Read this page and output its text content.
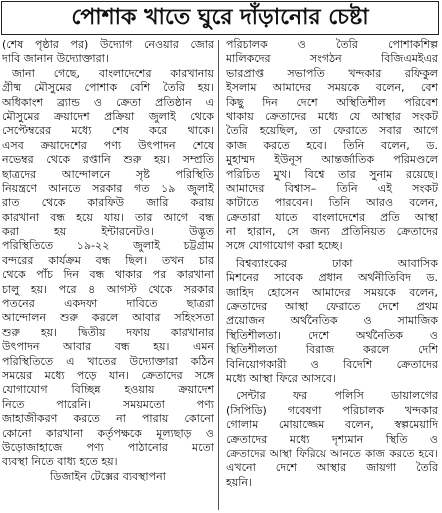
পোশাক খাতে ঘুরে দাঁড়ানোর চেষ্টা
(শেষ পৃষ্ঠার পর) উদ্যোগ নেওয়ার জোর
দাবি জানান উদ্যোক্তারা।
জানা গেছে, বাংলাদেশের কারখানায়
গ্রীষ্ম মৌসুমের পোশাক বেশি তৈরি হয়।
অধিকাংশ ব্র্যান্ড ও ক্রেতা প্রতিষ্ঠান এ
মৌসুমের ক্রয়াদেশ প্রক্রিয়া জুলাই থেকে
সেপ্টেম্বরের মধ্যে শেষ করে থাকে।
এসব ক্রয়াদেশের পণ্য উৎপাদন শেষে
নভেম্বর থেকে রপ্তানি শুরু হয়। সম্প্রতি
ছাত্রদের আন্দোলনে সৃষ্ট পরিস্থিতি
নিয়ন্ত্রণে আনতে সরকার গত ১৯ জুলাই
রাত থেকে কারফিউ জারি করায়
কারখানা বন্ধ হয়ে যায়। তার আগে বন্ধ
করা হয় ইন্টারনেটও। উদ্ভূত
পরিস্থিতিতে ১৯-২২ জুলাই চট্টগ্রাম
বন্দরের কার্যক্রম বন্ধ ছিল। তখন চার
থেকে পাঁচ দিন বন্ধ থাকার পর কারখানা
চালু হয়। পরে ৪ আগস্ট থেকে সরকার
পতনের একদফা দাবিতে ছাত্ররা
আন্দোলন শুরু করলে আবার সহিংসতা
শুরু হয়। দ্বিতীয় দফায় কারখানার
উৎপাদন আবার বন্ধ হয়। এমন
পরিস্থিতিতে এ খাতের উদ্যোক্তারা কঠিন
সময়ের মধ্যে পড়ে যান। ক্রেতাদের সঙ্গে
যোগাযোগ বিচ্ছিন্ন হওয়ায় ক্রয়াদেশ
নিতে পারেনি। সময়মতো পণ্য
জাহাজীকরণ করতে না পারায় কোনো
কোনো কারখানা কর্তৃপক্ষকে মূল্যছাড় ও
উড়োজাহাজে পণ্য পাঠানোর মতো
ব্যবস্থা নিতে বাধ্য হতে হয়।
ডিজাইন টেক্সের ব্যবস্থাপনা
পরিচালক ও তৈরি পোশাকশিল্প
মালিকদের সংগঠন বিজিএমইএর
ভারপ্রাপ্ত সভাপতি খন্দকার রফিকুল
ইসলাম আমাদের সময়কে বলেন, বেশ
কিছু দিন দেশে অস্থিতিশীল পরিবেশ
থাকায় ক্রেতাদের মধ্যে যে আস্থার সংকট
তৈরি হয়েছিল, তা ফেরাতে সবার আগে
কাজ করতে হবে। তিনি বলেন, ড.
মুহাম্মদ ইউনূস আন্তর্জাতিক পরিমণ্ডলে
পরিচিত মুখ। বিশ্বে তার সুনাম রয়েছে।
আমাদের বিশ্বাস– তিনি এই সংকট
কাটাতে পারবেন। তিনি আরও বলেন,
ক্রেতারা যাতে বাংলাদেশের প্রতি আস্থা
না হারান, সে জন্য প্রতিনিয়ত ক্রেতাদের
সঙ্গে যোগাযোগ করা হচ্ছে।
বিশ্বব্যাংকের ঢাকা আবাসিক
মিশনের সাবেক প্রধান অর্থনীতিবিদ ড.
জাহিদ হোসেন আমাদের সময়কে বলেন,
ক্রেতাদের আস্থা ফেরাতে দেশে প্রথম
প্রয়োজন অর্থনৈতিক ও সামাজিক
স্থিতিশীলতা। দেশে অর্থনৈতিক ও
স্থিতিশীলতা বিরাজ করলে দেশি
বিনিয়োগকারী ও বিদেশি ক্রেতাদের
মধ্যে আস্থা ফিরে আসবে।
সেন্টার ফর পলিসি ডায়ালগের
(সিপিডি) গবেষণা পরিচালক খন্দকার
গোলাম মোয়াজ্জেম বলেন, স্বল্পমেয়াদি
ক্রেতাদের মধ্যে দৃশ্যমান স্থিতি ও
ক্রেতাদের আস্থা ফিরিয়ে আনতে কাজ করতে হবে।
এখনো দেশে আস্থার জায়গা তৈরি
হয়নি।
